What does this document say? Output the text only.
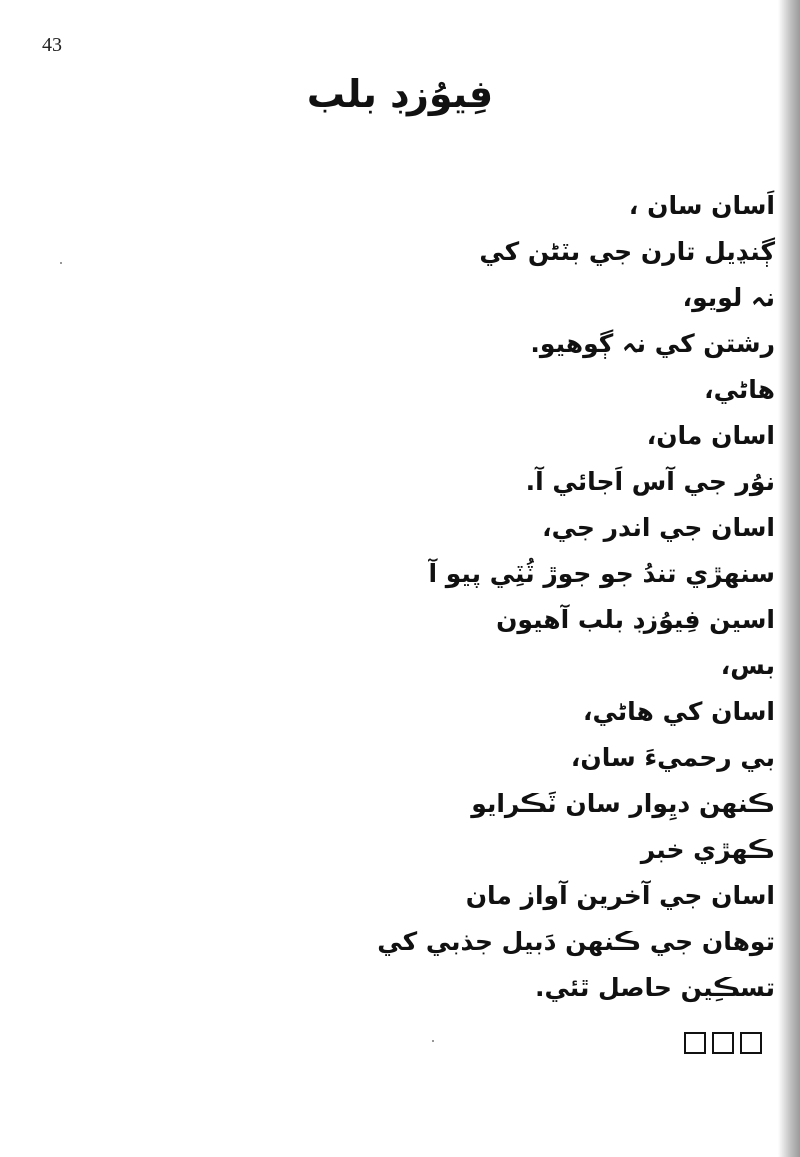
43
فِيوُزڊ بلب
اَسان سان ،
ڳنڍيل تارن جي بٽڻن کي
نہ لويو،
رشتن کي نہ ڳوهيو.
هاڻي،
اسان مان،
نوُر جي آس اَجائي آ.
اسان جي اندر جي،
سنهڙي تندُ جو جوڙ ٽُٽِي پيو آ
اسين فِيوُزڊ بلب آهيون
بس،
اسان کي هاڻي،
بي رحميءَ سان،
ڪنهن ديِوار سان ٽَڪرايو
ڪهڙي خبر
اسان جي آخرين آواز مان
توهان جي ڪنهن دَبيل جذبي کي
تسڪِين حاصل ٿئي.
